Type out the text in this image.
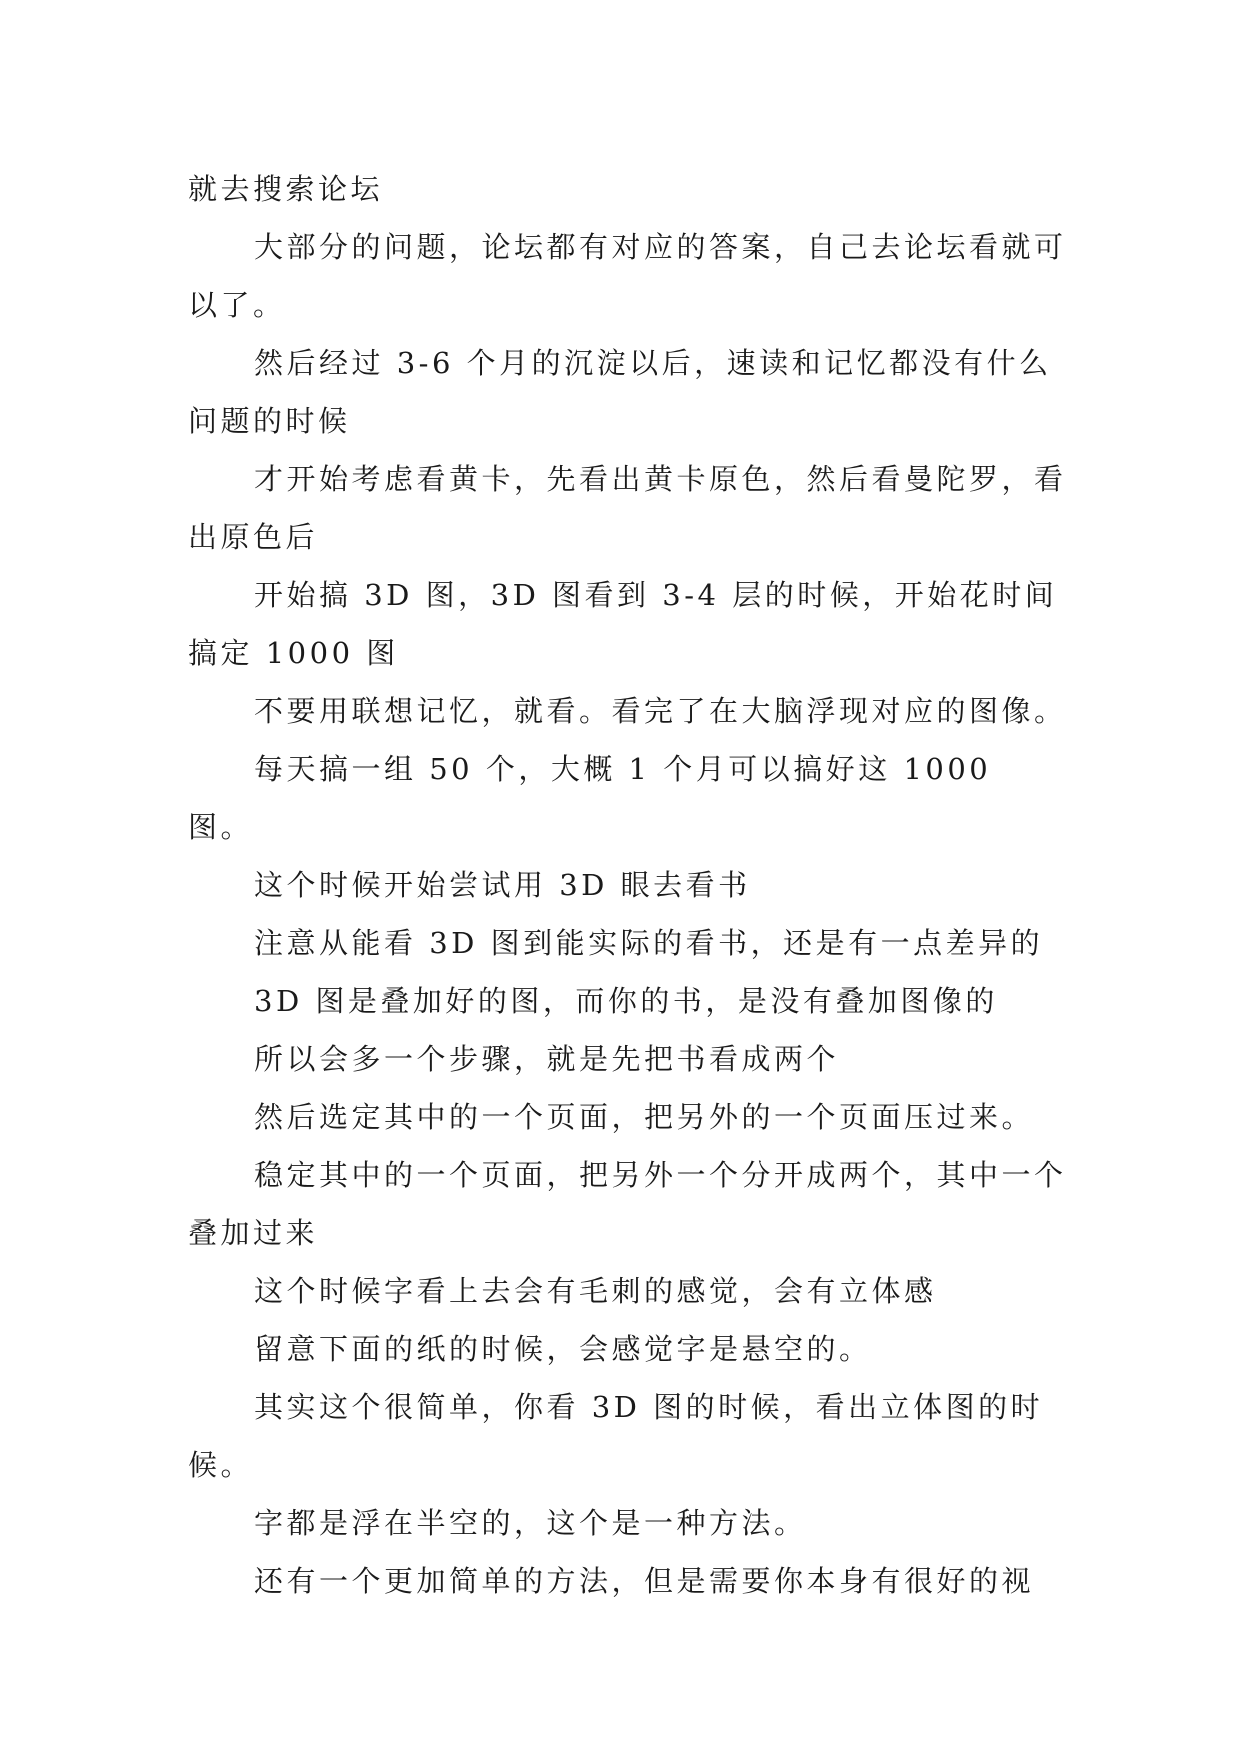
就去搜索论坛

大部分的问题，论坛都有对应的答案，自己去论坛看就可以了。

然后经过 3-6 个月的沉淀以后，速读和记忆都没有什么问题的时候

才开始考虑看黄卡，先看出黄卡原色，然后看曼陀罗，看出原色后

开始搞 3D 图，3D 图看到 3-4 层的时候，开始花时间搞定 1000 图

不要用联想记忆，就看。看完了在大脑浮现对应的图像。

每天搞一组 50 个，大概 1 个月可以搞好这 1000 图。

这个时候开始尝试用 3D 眼去看书

注意从能看 3D 图到能实际的看书，还是有一点差异的

3D 图是叠加好的图，而你的书，是没有叠加图像的

所以会多一个步骤，就是先把书看成两个

然后选定其中的一个页面，把另外的一个页面压过来。

稳定其中的一个页面，把另外一个分开成两个，其中一个叠加过来

这个时候字看上去会有毛刺的感觉，会有立体感

留意下面的纸的时候，会感觉字是悬空的。

其实这个很简单，你看 3D 图的时候，看出立体图的时候。

字都是浮在半空的，这个是一种方法。

还有一个更加简单的方法，但是需要你本身有很好的视
